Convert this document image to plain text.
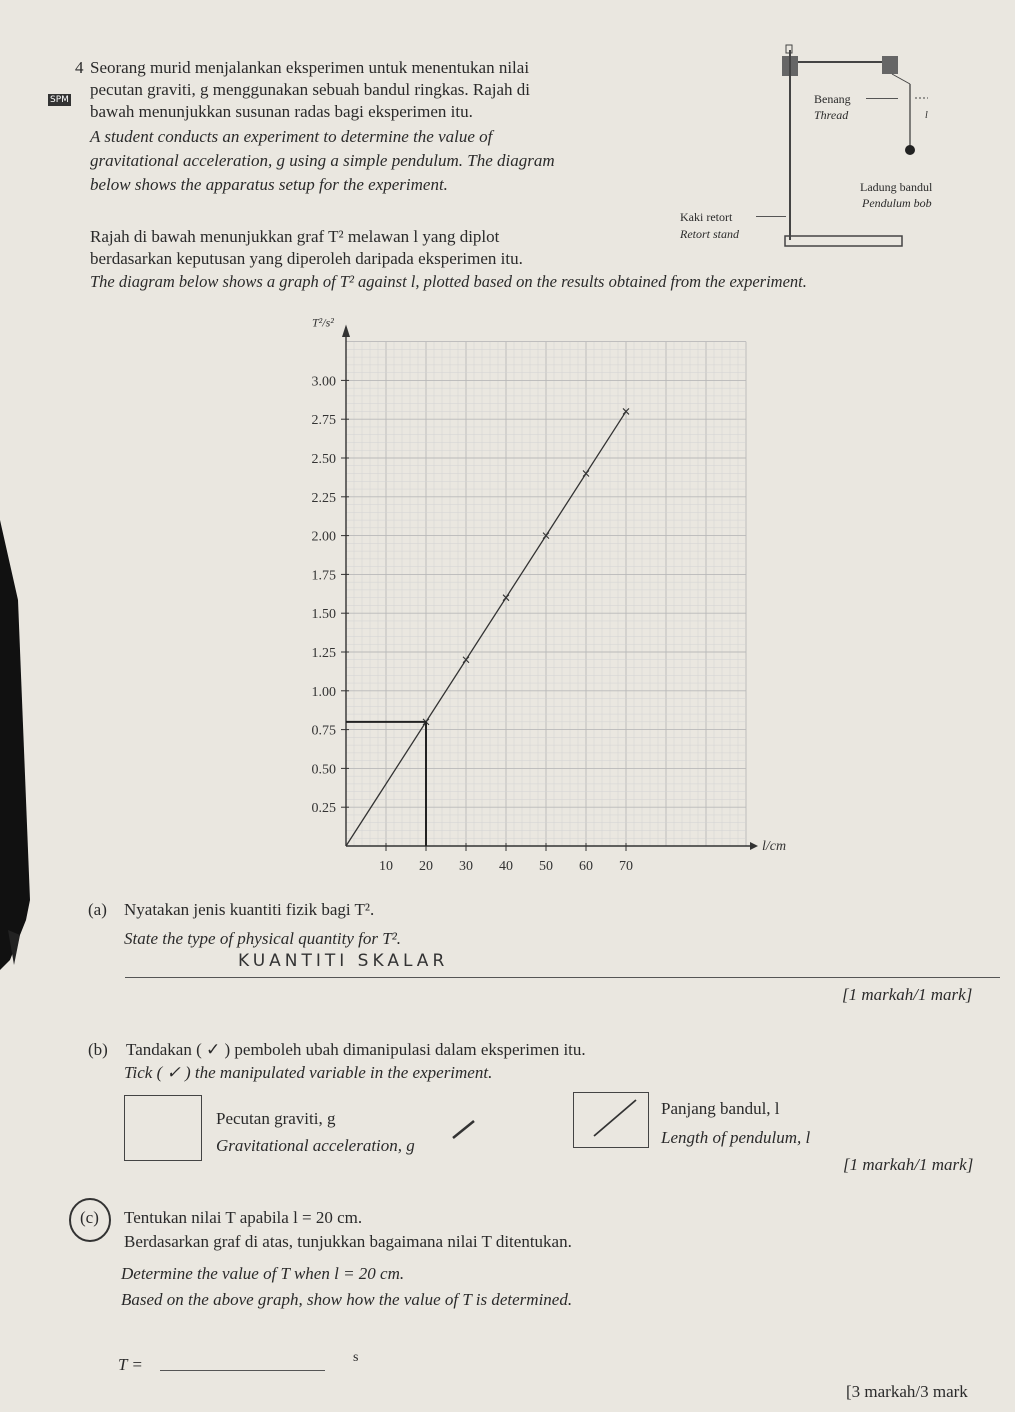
4
SPM
Seorang murid menjalankan eksperimen untuk menentukan nilai
pecutan graviti, g menggunakan sebuah bandul ringkas. Rajah di
bawah menunjukkan susunan radas bagi eksperimen itu.
A student conducts an experiment to determine the value of
gravitational acceleration, g using a simple pendulum. The diagram
below shows the apparatus setup for the experiment.
Rajah di bawah menunjukkan graf T² melawan l yang diplot
berdasarkan keputusan yang diperoleh daripada eksperimen itu.
The diagram below shows a graph of T² against l, plotted based on the results obtained from the experiment.
Benang
Thread	l
Ladung bandul
Pendulum bob
Kaki retort
Retort stand
0.25
0.50
0.75
1.00
1.25
1.50
1.75
2.00
2.25
2.50
2.75
3.00
10 20 30 40 50 60 70
T²/s²
l/cm
(a) Nyatakan jenis kuantiti fizik bagi T².
State the type of physical quantity for T².
KUANTITI SKALAR
[1 markah/1 mark]
(b) Tandakan ( ✓ ) pemboleh ubah dimanipulasi dalam eksperimen itu.
Tick ( ✓ ) the manipulated variable in the experiment.
Pecutan graviti, g
Gravitational acceleration, g
Panjang bandul, l
Length of pendulum, l
[1 markah/1 mark]
(c) Tentukan nilai T apabila l = 20 cm.
Berdasarkan graf di atas, tunjukkan bagaimana nilai T ditentukan.
Determine the value of T when l = 20 cm.
Based on the above graph, show how the value of T is determined.
T =	s
[3 markah/3 mark
